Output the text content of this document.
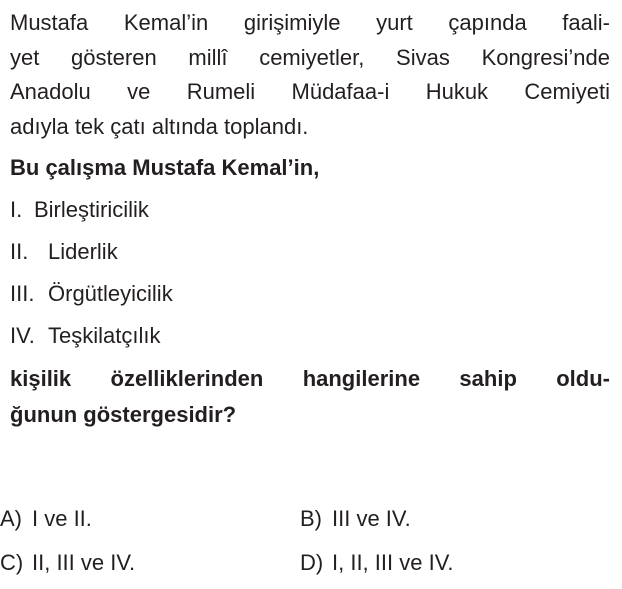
Mustafa Kemal’in girişimiyle yurt çapında faali-
yet gösteren millî cemiyetler, Sivas Kongresi’nde
Anadolu ve Rumeli Müdafaa-i Hukuk Cemiyeti
adıyla tek çatı altında toplandı.

Bu çalışma Mustafa Kemal’in,

I. Birleştiricilik
II. Liderlik
III. Örgütleyicilik
IV. Teşkilatçılık

kişilik özelliklerinden hangilerine sahip oldu-
ğunun göstergesidir?

A) I ve II.	B) III ve IV.
C) II, III ve IV.	D) I, II, III ve IV.
